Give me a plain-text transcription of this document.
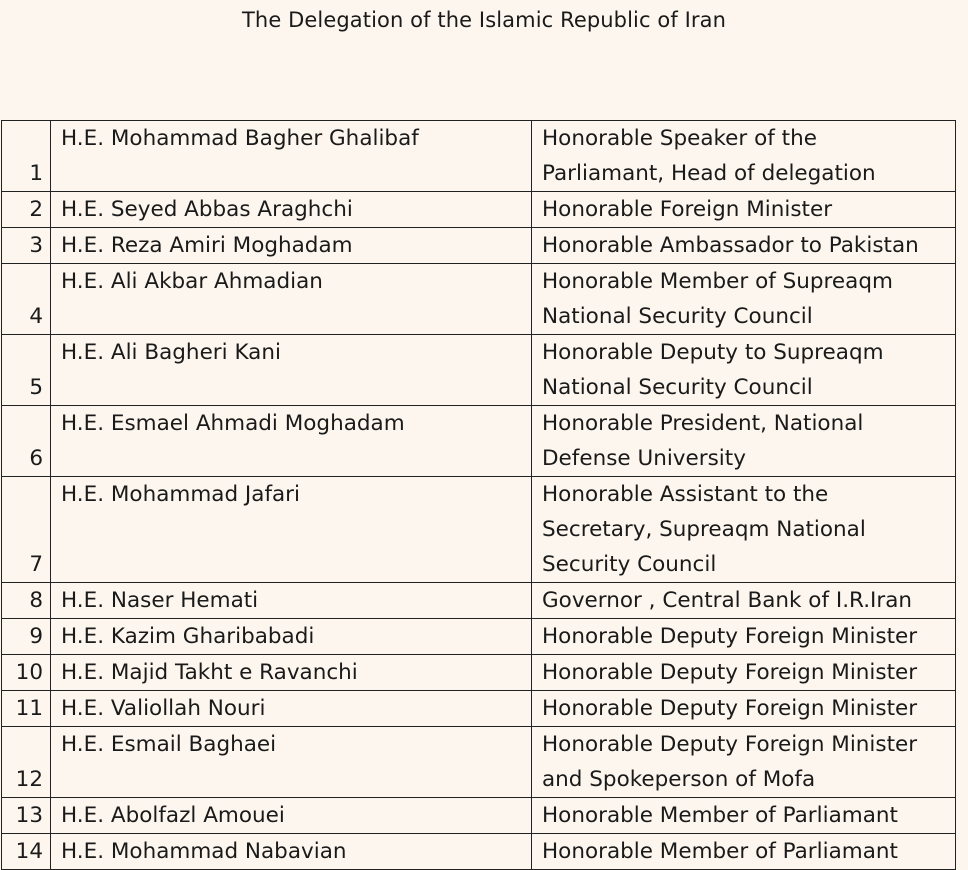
The Delegation of the Islamic Republic of Iran
1	H.E. Mohammad Bagher Ghalibaf	Honorable Speaker of the
Parliamant, Head of delegation

2	H.E. Seyed Abbas Araghchi	Honorable Foreign Minister

3	H.E. Reza Amiri Moghadam	Honorable Ambassador to Pakistan

4	H.E. Ali Akbar Ahmadian	Honorable Member of Supreaqm
National Security Council

5	H.E. Ali Bagheri Kani	Honorable Deputy to Supreaqm
National Security Council

6	H.E. Esmael Ahmadi Moghadam	Honorable President, National
Defense University

7	H.E. Mohammad Jafari	Honorable Assistant to the
Secretary, Supreaqm National
Security Council

8	H.E. Naser Hemati	Governor , Central Bank of I.R.Iran

9	H.E. Kazim Gharibabadi	Honorable Deputy Foreign Minister

10	H.E. Majid Takht e Ravanchi	Honorable Deputy Foreign Minister

11	H.E. Valiollah Nouri	Honorable Deputy Foreign Minister

12	H.E. Esmail Baghaei	Honorable Deputy Foreign Minister
and Spokeperson of Mofa

13	H.E. Abolfazl Amouei	Honorable Member of Parliamant

14	H.E. Mohammad Nabavian	Honorable Member of Parliamant
